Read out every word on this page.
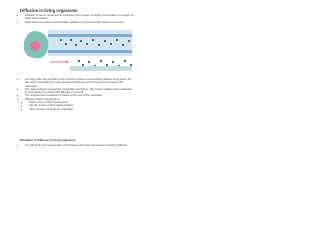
Diffusion in living organisms
• Diffusion is the net movement of molecules from a region of higher concentration to a region of lower concentration
• Molecules move down a concentration gradient, as a result of their random movement
• For living cells, the principle of the movement down a concentration gradient is the same, but the cell is surrounded by a cell membrane which can restrict the free movement of the molecules
• The cell membrane is a partially permeable membrane - this means it allows some molecules to cross easily, but others with difficulty or not at all
• The simplest sort of selection is based on the size of the molecules
• Diffusion helps living things to:
• Obtain many of their requirements
• Get rid of many of their waste products
• Carry out gas exchange for respiration
Examples of diffusion in living organisms
• You will need to know examples of substances that move into and out of cells by diffusion
